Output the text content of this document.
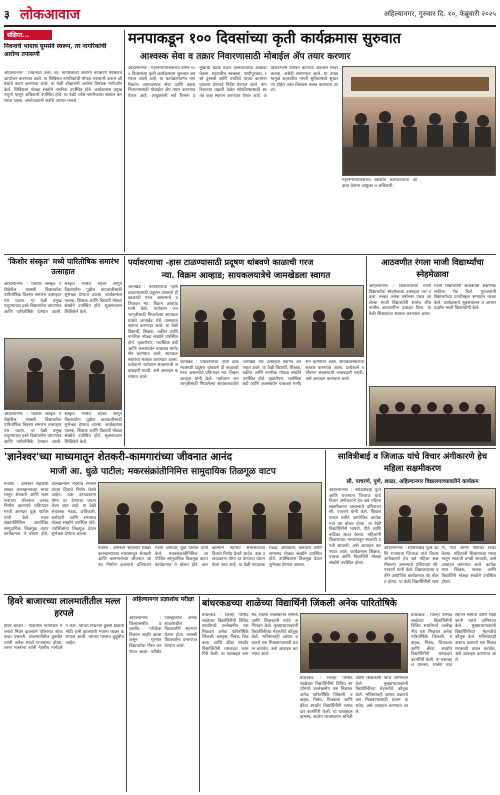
३ लोकआवाज	अहिल्यानगर, गुरुवार दि. १०, फेब्रुवारी २०२५
संक्षिप्त...
निधनाचे भायाच घुमसंवे स्वरूप, तर नागरिकांची आरोग्य तपासणी
अहिल्यानगर : निधनाचा उत्तर, तर, नागरिकांची आरोग्य तपासणी शिबिराचे आयोजन करण्यात आले. या शिबिरात नागरिकांची मोफत तपासणी करून औषधांचे वाटप करण्यात आले. या वेळी डॉक्टरांनी आरोग्य विषयक मार्गदर्शन केले. शिबिराला मोठ्या संख्येने नागरिक उपस्थित होते. कार्यक्रमास प्रमुख पाहुणे म्हणून अधिकारी उपस्थित होते. या वेळी ज्येष्ठ नागरिकांचा सत्कार करण्यात आला. आयोजकांनी सर्वांचे आभार मानले.
मनपाकडून १०० दिवसांच्या कृती कार्यक्रमास सुरुवात
आश्वस्क सेवा व तक्रार निवारणासाठी मोबाईल ॲप तयार करणार
अहिल्यानगर : महानगरपालिकेच्या वतीने १०० दिवसांच्या कृती कार्यक्रमाला सुरुवात करण्यात आली आहे. या कार्यक्रमांतर्गत नागरिकांना अत्यावश्यक सेवा आणि तक्रार निवारणासाठी मोबाईल ॲप तयार करण्यात येणार आहे. आयुक्तांनी सर्व विभाग प्रमुखांची बैठक घेऊन कामकाजाचा आढावा घेतला. शहरातील स्वच्छता, पाणीपुरवठा, रस्ते दुरुस्ती आणि पथदिवे यांच्या कामांना प्राधान्य देण्याचे निर्देश देण्यात आले. नागरिकांच्या तक्रारी वेळेत सोडविण्यासाठी स्वतंत्र कक्ष स्थापन करण्यात येणार आहे. अधिकाऱ्यांनी दैनंदिन कामाचा अहवाल सादर करावा, असेही सांगण्यात आले. या उपक्रमामुळे शहरातील नागरी सुविधांमध्ये सुधारणा होईल असा विश्वास व्यक्त करण्यात आला.
महानगरपालिकेच्या बैठकीत कामकाजाचा आढावा घेताना आयुक्त व अधिकारी.
'किशोर संस्कृत' मध्ये पारितोषिक समारंभ उत्साहात
अहिल्यानगर : किशोर संस्कृत परीक्षेतील यशस्वी विद्यार्थ्यांचा पारितोषिक वितरण समारंभ उत्साहात पार पडला. या वेळी प्रमुख पाहुण्यांच्या हस्ते विद्यार्थ्यांना प्रमाणपत्र आणि पारितोषिके देण्यात आली. संस्कृत भाषेचे महत्त्व सांगून विद्यार्थ्यांना पुढील वाटचालीसाठी शुभेच्छा देण्यात आल्या. कार्यक्रमास पालक, शिक्षक आणि विद्यार्थी मोठ्या संख्येने उपस्थित होते. सूत्रसंचालन शिक्षिकेने केले.
अहिल्यानगर : किशोर संस्कृत परीक्षेतील यशस्वी विद्यार्थ्यांचा पारितोषिक वितरण समारंभ उत्साहात पार पडला. या वेळी प्रमुख पाहुण्यांच्या हस्ते विद्यार्थ्यांना प्रमाणपत्र आणि पारितोषिके देण्यात आली. संस्कृत भाषेचे महत्त्व सांगून विद्यार्थ्यांना पुढील वाटचालीसाठी शुभेच्छा देण्यात आल्या. कार्यक्रमास पालक, शिक्षक आणि विद्यार्थी मोठ्या संख्येने उपस्थित होते. सूत्रसंचालन शिक्षिकेने केले.
पर्यावरणाचा -हास टाळण्यासाठी प्रदूषण थांबवणे काळाची गरज
न्या. विक्रम आव्हाड; सायकलयात्रेचे जामखेडला स्वागत
जामखेड : पर्यावरणाचा ऱ्हास टाळण्यासाठी प्रदूषण थांबवणे ही काळाची गरज असल्याचे प्रतिपादन न्या. विक्रम आव्हाड यांनी केले. पर्यावरण जनजागृतीसाठी निघालेल्या सायकलयात्रेचे जामखेड येथे उत्साहात स्वागत करण्यात आले. या वेळी विद्यार्थी, शिक्षक, वकील आणि नागरिक मोठ्या संख्येने उपस्थित होते. वृक्षारोपण, प्लास्टिक बंदी आणि जलसंवर्धन याबाबत मार्गदर्शन करण्यात आले. सायकलस्वारांचा सत्कार करण्यात आला. प्रत्येकाने पर्यावरण संरक्षणाची जबाबदारी घ्यावी, असे आवाहन करण्यात आले.
जामखेड : पर्यावरणाचा ऱ्हास टाळण्यासाठी प्रदूषण थांबवणे ही काळाची गरज असल्याचे प्रतिपादन न्या. विक्रम आव्हाड यांनी केले. पर्यावरण जनजागृतीसाठी निघालेल्या सायकलयात्रेचे जामखेड येथे उत्साहात स्वागत करण्यात आले. या वेळी विद्यार्थी, शिक्षक, वकील आणि नागरिक मोठ्या संख्येने उपस्थित होते. वृक्षारोपण, प्लास्टिक बंदी आणि जलसंवर्धन याबाबत मार्गदर्शन करण्यात आले. सायकलस्वारांचा सत्कार करण्यात आला. प्रत्येकाने पर्यावरण संरक्षणाची जबाबदारी घ्यावी, असे आवाहन करण्यात आले.
आठवणीत रंगला माजी विद्यार्थ्यांचा स्नेहमेळावा
अहिल्यानगर : विद्यालयाच्या माजी विद्यार्थ्यांचा स्नेहमेळावा उत्साहात पार पडला. तब्बल अनेक वर्षांनंतर एकत्र आलेल्या माजी विद्यार्थ्यांनी शालेय जीवनातील आठवणींना उजाळा दिला. या वेळी शिक्षकांचा सत्कार करण्यात आला. माजी विद्यार्थ्यांनी शाळेसाठी शैक्षणिक साहित्य भेट दिले. गुरुजनांनी विद्यार्थ्यांच्या प्रगतीबद्दल समाधान व्यक्त केले. कार्यक्रमाचे सूत्रसंचालन व आभार प्रदर्शन माजी विद्यार्थ्यांनी केले.
'ज्ञानेश्वर'च्या माध्यमातून शेतकरी-कामगारांच्या जीवनात आनंद
माजी आ. धुळे पाटील; मकरसंक्रांतीनिमित्त सामुदायिक तिळगूळ वाटप
नेवासा : ज्ञानेश्वर सहकारी साखर कारखान्याच्या माध्यमातून शेतकरी आणि कामगारांच्या जीवनात आनंद निर्माण झाल्याचे प्रतिपादन माजी आमदार धुळे पाटील यांनी केले. मकरसंक्रांतीनिमित्त आयोजित सामुदायिक तिळगूळ वाटप कार्यक्रमात ते बोलत होते. कारखान्याने नेहमीच सभासदांच्या हिताचे निर्णय घेतले आहेत. ऊस उत्पादकांना योग्य दर देण्याचा प्रयत्न केला जात आहे. या वेळी संचालक मंडळ, अधिकारी, कर्मचारी आणि सभासद मोठ्या संख्येने उपस्थित होते. उपस्थितांना तिळगूळ देऊन शुभेच्छा देण्यात आल्या.
नेवासा : ज्ञानेश्वर सहकारी साखर कारखान्याच्या माध्यमातून शेतकरी आणि कामगारांच्या जीवनात आनंद निर्माण झाल्याचे प्रतिपादन माजी आमदार धुळे पाटील यांनी केले. मकरसंक्रांतीनिमित्त आयोजित सामुदायिक तिळगूळ वाटप कार्यक्रमात ते बोलत होते. कारखान्याने नेहमीच सभासदांच्या हिताचे निर्णय घेतले आहेत. ऊस उत्पादकांना योग्य दर देण्याचा प्रयत्न केला जात आहे. या वेळी संचालक मंडळ, अधिकारी, कर्मचारी आणि सभासद मोठ्या संख्येने उपस्थित होते. उपस्थितांना तिळगूळ देऊन शुभेच्छा देण्यात आल्या.
सावित्रीबाई व जिजाऊ यांचे विचार अंगीकारणे हेच महिला सक्षमीकरण
सौ. पाचरणे, पुणे, शाळा, अहिल्यानगर विद्यालयाच्यावतीने कार्यक्रम
अहिल्यानगर : सावित्रीबाई फुले आणि राजमाता जिजाऊ यांचे विचार अंगीकारणे हेच खरे महिला सक्षमीकरण असल्याचे प्रतिपादन सौ. पाचरणे यांनी केले. विद्यालयाच्या वतीने आयोजित कार्यक्रमात त्या बोलत होत्या. या वेळी विद्यार्थिनींनी भाषणे, गीते आणि नाटिका सादर केल्या. महिलांनी शिक्षणाच्या माध्यमातून स्वतःची प्रगती साधावी, असे आवाहन करण्यात आले. कार्यक्रमास शिक्षक, पालक आणि विद्यार्थिनी मोठ्या संख्येने उपस्थित होत्या.
अहिल्यानगर : सावित्रीबाई फुले आणि राजमाता जिजाऊ यांचे विचार अंगीकारणे हेच खरे महिला सक्षमीकरण असल्याचे प्रतिपादन सौ. पाचरणे यांनी केले. विद्यालयाच्या वतीने आयोजित कार्यक्रमात त्या बोलत होत्या. या वेळी विद्यार्थिनींनी भाषणे, गीते आणि नाटिका सादर केल्या. महिलांनी शिक्षणाच्या माध्यमातून स्वतःची प्रगती साधावी, असे आवाहन करण्यात आले. कार्यक्रमास शिक्षक, पालक आणि विद्यार्थिनी मोठ्या संख्येने उपस्थित होत्या.
हिवरे बाजारच्या लालमातीतील मल्ल हरपले
हिवरे बाजार : गावातील नामांकित मल्लाचे निधन झाल्याने परिसरात शोककळा पसरली. लालमातीतील कुस्तीत त्यांनी अनेक स्पर्धा गाजवल्या होत्या. तरुण मल्लांना त्यांनी नेहमीच मार्गदर्शन केले. त्यांच्या निधनाने कुस्ती क्षेत्राची मोठी हानी झाल्याची भावना व्यक्त करण्यात आली. त्यांच्या पश्चात कुटुंबीय आहेत.
अहिल्यानगर प्रज्ञाशोध परीक्षा
अहिल्यानगर : जिल्हास्तरीय प्रज्ञाशोध परीक्षेचा निकाल जाहीर झाला असून गुणवंत विद्यार्थ्यांचा गौरव करण्यात आला. परीक्षेत जिल्ह्यातील अनेक शाळांमधील विद्यार्थ्यांनी सहभाग घेतला होता. यशस्वी विद्यार्थ्यांना प्रमाणपत्र देण्यात आले.
बांधरकडच्या शाळेच्या विद्यार्थिनी जिंकली अनेक पारितोषिके
बांधरकड : जिल्हा परिषद शाळेच्या विद्यार्थिनींनी विविध स्पर्धांमध्ये उल्लेखनीय यश मिळवत अनेक पारितोषिके जिंकली. वक्तृत्व, निबंध, चित्रकला आणि क्रीडा स्पर्धांत विद्यार्थिनींनी चमकदार कामगिरी केली. या यशाबद्दल ग्रामस्थ, शालेय व्यवस्थापन समिती आणि शिक्षकांनी त्यांचे अभिनंदन केले. मुख्याध्यापकांनी विद्यार्थिनींच्या मेहनतीचे कौतुक केले. भविष्यातही अशाच प्रकारचे यश मिळवण्यासाठी प्रयत्न करावेत, असे आवाहन करण्यात आले.
बांधरकड : जिल्हा परिषद शाळेच्या विद्यार्थिनींनी विविध स्पर्धांमध्ये उल्लेखनीय यश मिळवत अनेक पारितोषिके जिंकली. वक्तृत्व, निबंध, चित्रकला आणि क्रीडा स्पर्धांत विद्यार्थिनींनी चमकदार कामगिरी केली. या यशाबद्दल ग्रामस्थ, शालेय व्यवस्थापन समिती आणि शिक्षकांनी त्यांचे अभिनंदन केले. मुख्याध्यापकांनी विद्यार्थिनींच्या मेहनतीचे कौतुक केले. भविष्यातही अशाच प्रकारचे यश मिळवण्यासाठी प्रयत्न करावेत, असे आवाहन करण्यात आले.
बांधरकड : जिल्हा परिषद शाळेच्या विद्यार्थिनींनी विविध स्पर्धांमध्ये उल्लेखनीय यश मिळवत अनेक पारितोषिके जिंकली. वक्तृत्व, निबंध, चित्रकला आणि क्रीडा स्पर्धांत विद्यार्थिनींनी चमकदार कामगिरी केली. या यशाबद्दल ग्रामस्थ, शालेय व्यवस्थापन समिती आणि शिक्षकांनी त्यांचे अभिनंदन केले. मुख्याध्यापकांनी विद्यार्थिनींच्या मेहनतीचे कौतुक केले. भविष्यातही अशाच प्रकारचे यश मिळवण्यासाठी प्रयत्न करावेत, असे आवाहन करण्यात आले.
